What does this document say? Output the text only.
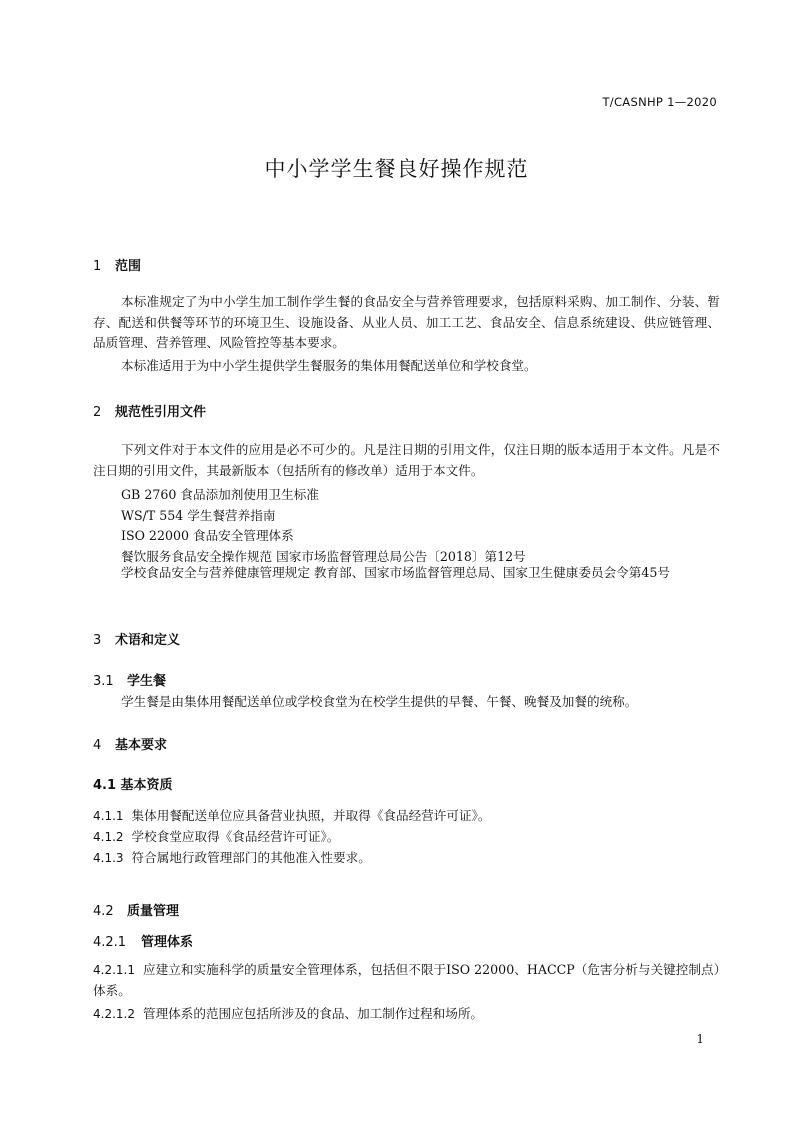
T/CASNHP 1—2020
中小学学生餐良好操作规范
1 范围
本标准规定了为中小学生加工制作学生餐的食品安全与营养管理要求，包括原料采购、加工制作、分装、暂存、配送和供餐等环节的环境卫生、设施设备、从业人员、加工工艺、食品安全、信息系统建设、供应链管理、品质管理、营养管理、风险管控等基本要求。
本标准适用于为中小学生提供学生餐服务的集体用餐配送单位和学校食堂。
2 规范性引用文件
下列文件对于本文件的应用是必不可少的。凡是注日期的引用文件，仅注日期的版本适用于本文件。凡是不注日期的引用文件，其最新版本（包括所有的修改单）适用于本文件。
GB 2760 食品添加剂使用卫生标准
WS/T 554 学生餐营养指南
ISO 22000 食品安全管理体系
餐饮服务食品安全操作规范 国家市场监督管理总局公告〔2018〕第12号
学校食品安全与营养健康管理规定 教育部、国家市场监督管理总局、国家卫生健康委员会令第45号
3 术语和定义
3.1 学生餐
学生餐是由集体用餐配送单位或学校食堂为在校学生提供的早餐、午餐、晚餐及加餐的统称。
4 基本要求
4.1 基本资质
4.1.1 集体用餐配送单位应具备营业执照，并取得《食品经营许可证》。
4.1.2 学校食堂应取得《食品经营许可证》。
4.1.3 符合属地行政管理部门的其他准入性要求。
4.2 质量管理
4.2.1 管理体系
4.2.1.1 应建立和实施科学的质量安全管理体系，包括但不限于ISO 22000、HACCP（危害分析与关键控制点）体系。
4.2.1.2 管理体系的范围应包括所涉及的食品、加工制作过程和场所。
1
